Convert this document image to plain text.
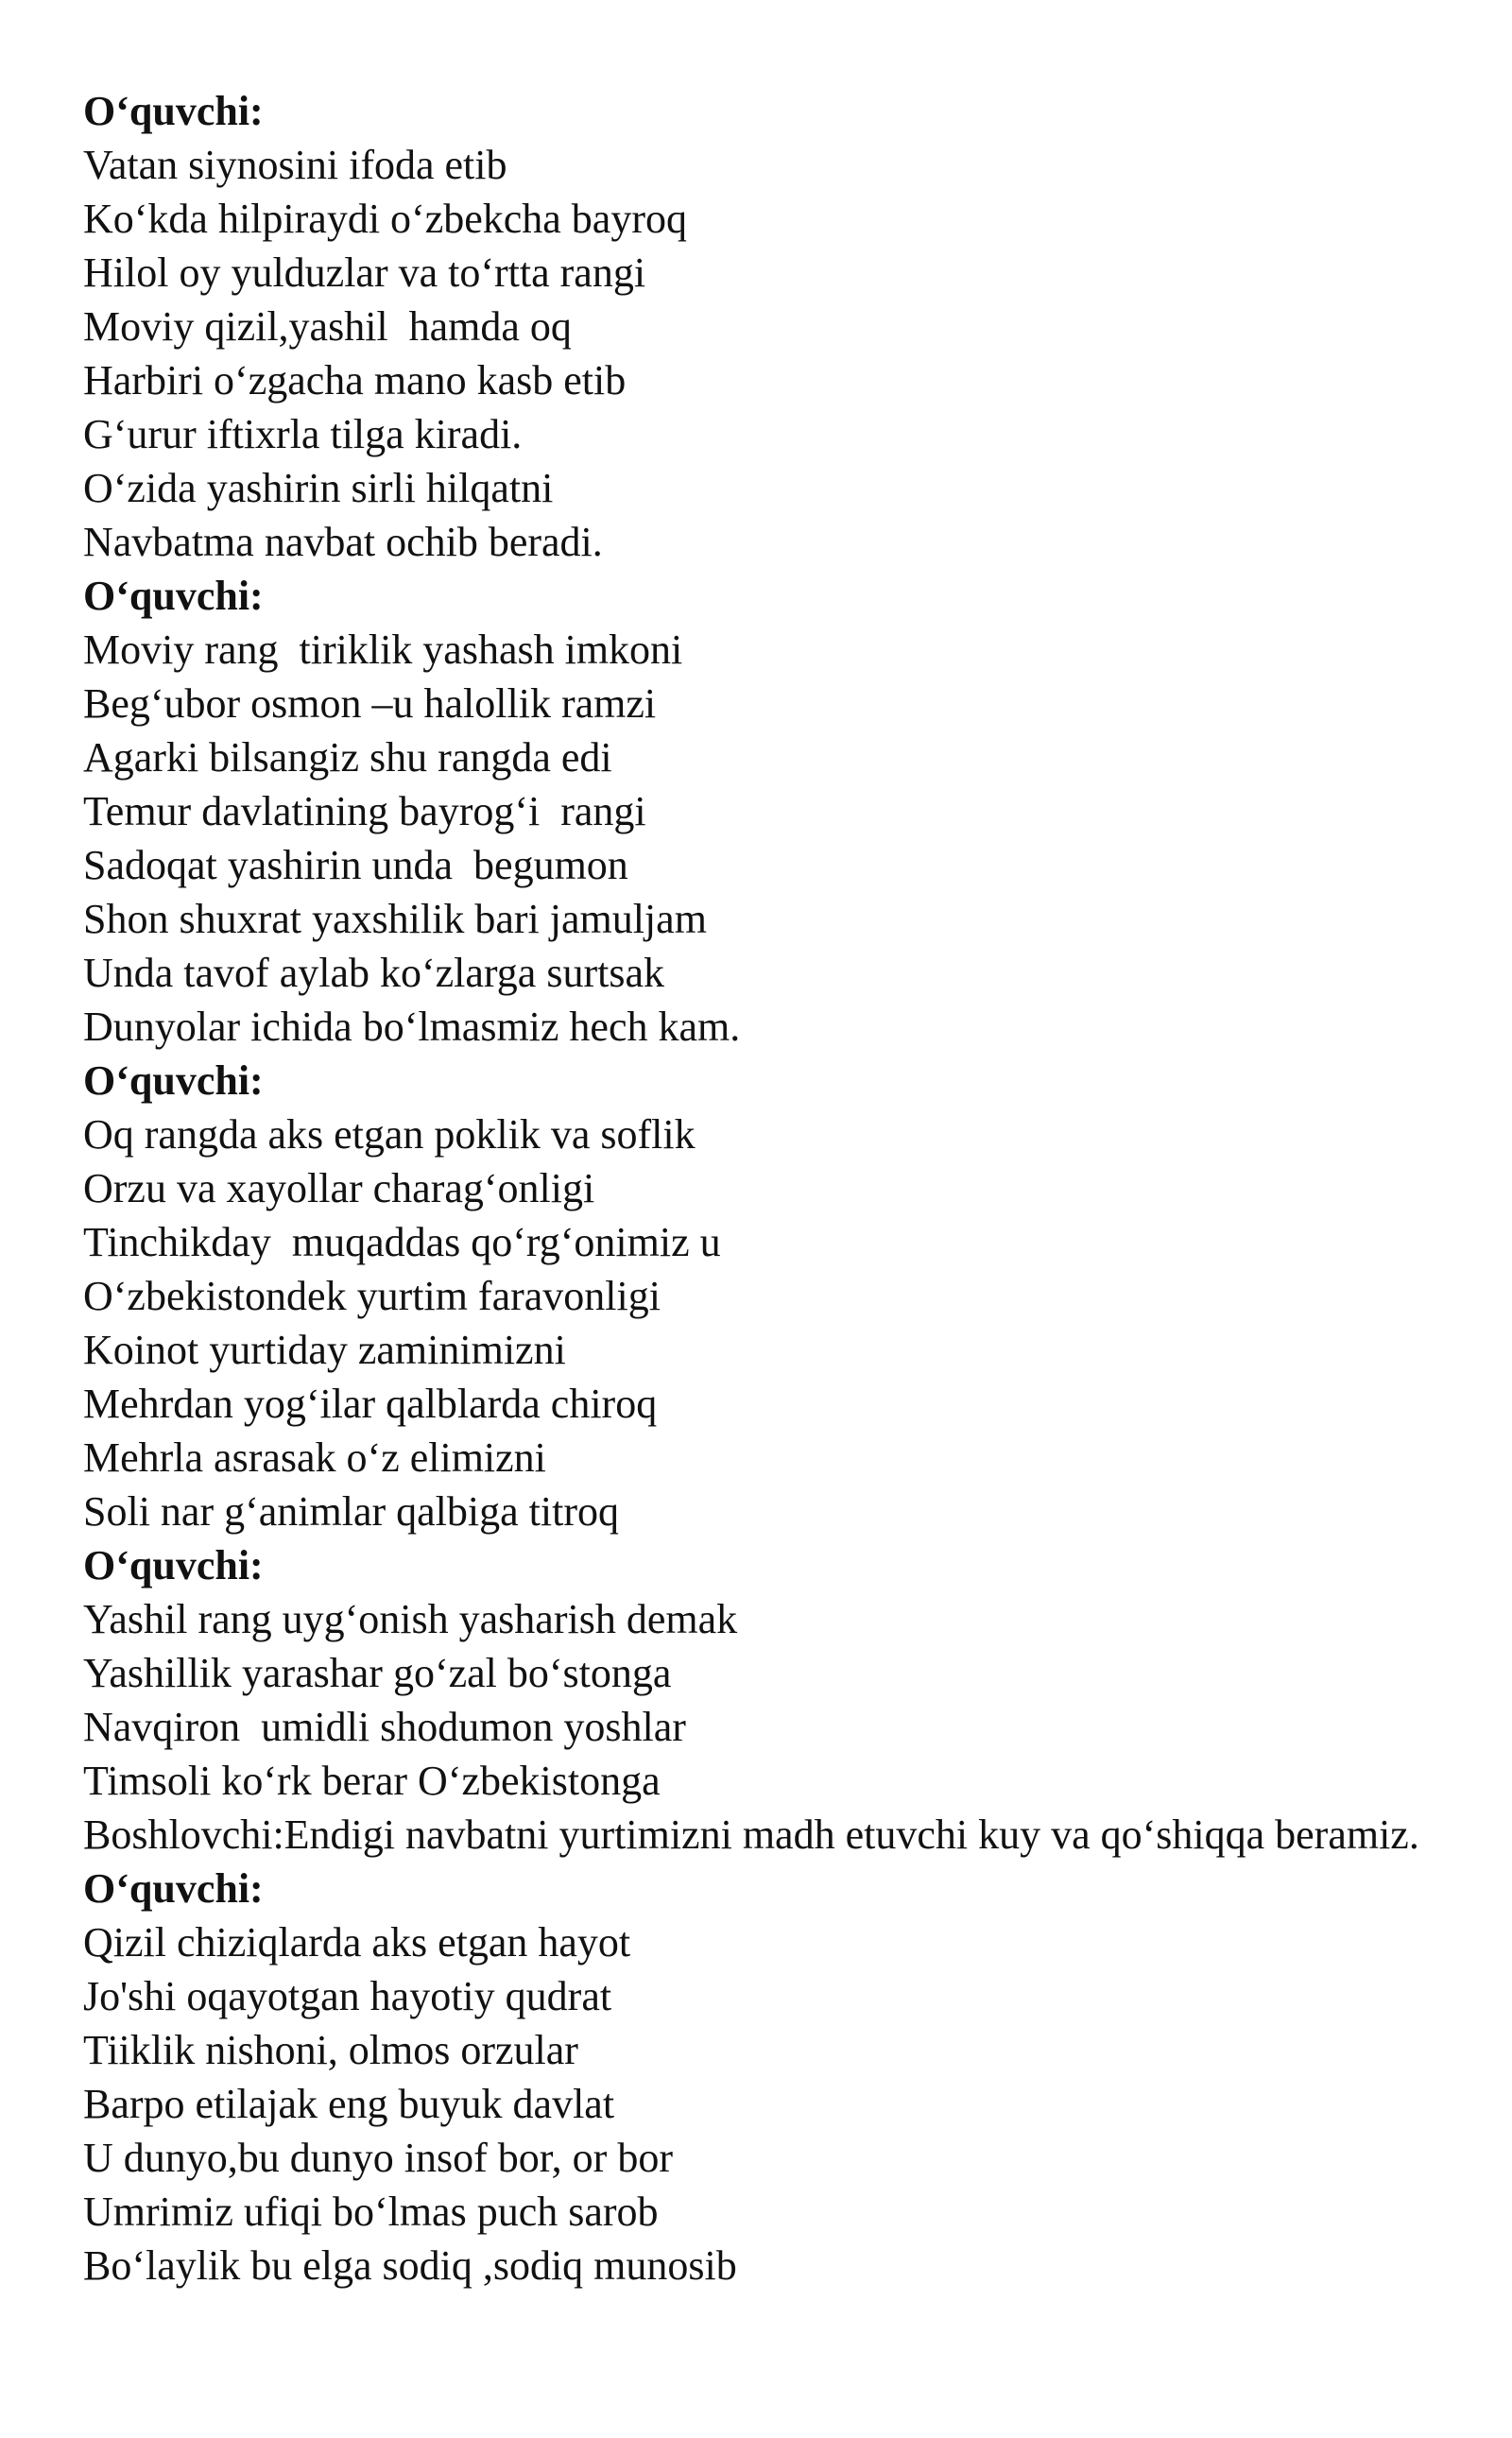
O‘quvchi:

Vatan siynosini ifoda etib

Ko‘kda hilpiraydi o‘zbekcha bayroq

Hilol oy yulduzlar va to‘rtta rangi

Moviy qizil,yashil  hamda oq

Harbiri o‘zgacha mano kasb etib

G‘urur iftixrla tilga kiradi.

O‘zida yashirin sirli hilqatni

Navbatma navbat ochib beradi.

O‘quvchi:

Moviy rang  tiriklik yashash imkoni

Beg‘ubor osmon –u halollik ramzi

Agarki bilsangiz shu rangda edi

Temur davlatining bayrog‘i  rangi

Sadoqat yashirin unda  begumon

Shon shuxrat yaxshilik bari jamuljam

Unda tavof aylab ko‘zlarga surtsak

Dunyolar ichida bo‘lmasmiz hech kam.

O‘quvchi:

Oq rangda aks etgan poklik va soflik

Orzu va xayollar charag‘onligi

Tinchikday  muqaddas qo‘rg‘onimiz u

O‘zbekistondek yurtim faravonligi

Koinot yurtiday zaminimizni

Mehrdan yog‘ilar qalblarda chiroq

Mehrla asrasak o‘z elimizni

Soli nar g‘animlar qalbiga titroq

O‘quvchi:

Yashil rang uyg‘onish yasharish demak

Yashillik yarashar go‘zal bo‘stonga

Navqiron  umidli shodumon yoshlar

Timsoli ko‘rk berar O‘zbekistonga

Boshlovchi:Endigi navbatni yurtimizni madh etuvchi kuy va qo‘shiqqa beramiz.

O‘quvchi:

Qizil chiziqlarda aks etgan hayot

Jo'shi oqayotgan hayotiy qudrat

Tiiklik nishoni, olmos orzular

Barpo etilajak eng buyuk davlat

U dunyo,bu dunyo insof bor, or bor

Umrimiz ufiqi bo‘lmas puch sarob

Bo‘laylik bu elga sodiq ,sodiq munosib
